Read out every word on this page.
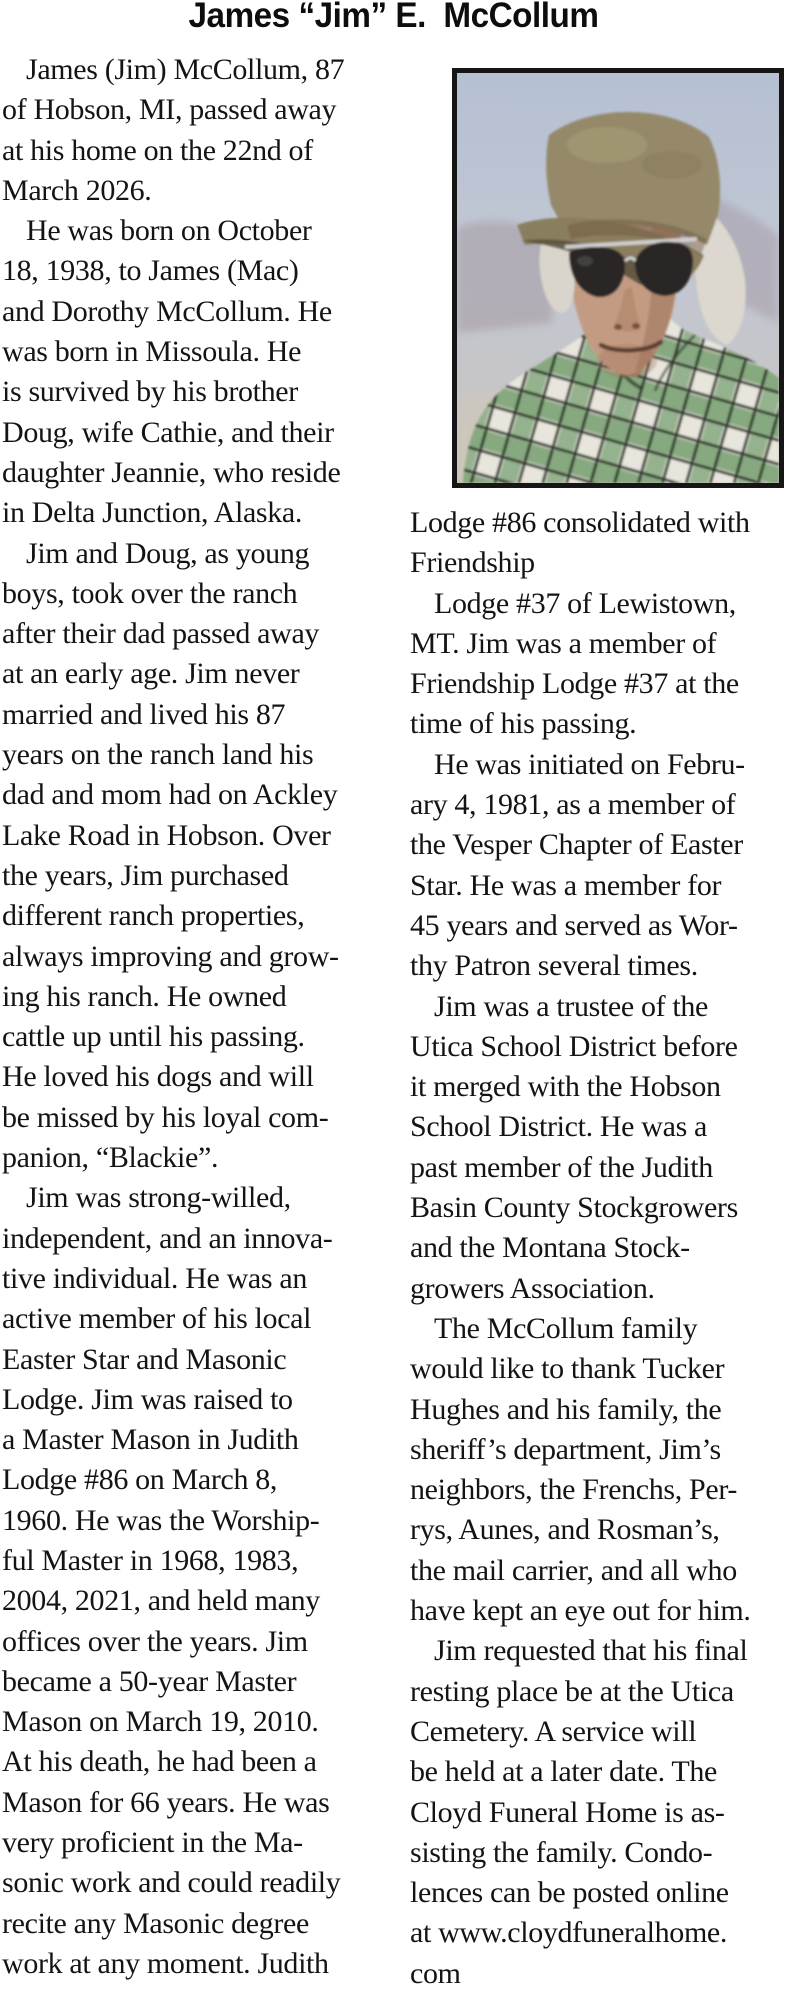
James “Jim” E.  McCollum

James (Jim) McCollum, 87
of Hobson, MI, passed away
at his home on the 22nd of
March 2026.

He was born on October
18, 1938, to James (Mac)
and Dorothy McCollum. He
was born in Missoula. He
is survived by his brother
Doug, wife Cathie, and their
daughter Jeannie, who reside
in Delta Junction, Alaska.

Jim and Doug, as young
boys, took over the ranch
after their dad passed away
at an early age. Jim never
married and lived his 87
years on the ranch land his
dad and mom had on Ackley
Lake Road in Hobson. Over
the years, Jim purchased
different ranch properties,
always improving and grow-
ing his ranch. He owned
cattle up until his passing.
He loved his dogs and will
be missed by his loyal com-
panion, “Blackie”.

Jim was strong-willed,
independent, and an innova-
tive individual. He was an
active member of his local
Easter Star and Masonic
Lodge. Jim was raised to
a Master Mason in Judith
Lodge #86 on March 8,
1960. He was the Worship-
ful Master in 1968, 1983,
2004, 2021, and held many
offices over the years. Jim
became a 50-year Master
Mason on March 19, 2010.
At his death, he had been a
Mason for 66 years. He was
very proficient in the Ma-
sonic work and could readily
recite any Masonic degree
work at any moment. Judith

Lodge #86 consolidated with
Friendship

Lodge #37 of Lewistown,
MT. Jim was a member of
Friendship Lodge #37 at the
time of his passing.

He was initiated on Febru-
ary 4, 1981, as a member of
the Vesper Chapter of Easter
Star. He was a member for
45 years and served as Wor-
thy Patron several times.

Jim was a trustee of the
Utica School District before
it merged with the Hobson
School District. He was a
past member of the Judith
Basin County Stockgrowers
and the Montana Stock-
growers Association.

The McCollum family
would like to thank Tucker
Hughes and his family, the
sheriff’s department, Jim’s
neighbors, the Frenchs, Per-
rys, Aunes, and Rosman’s,
the mail carrier, and all who
have kept an eye out for him.

Jim requested that his final
resting place be at the Utica
Cemetery. A service will
be held at a later date. The
Cloyd Funeral Home is as-
sisting the family. Condo-
lences can be posted online
at www.cloydfuneralhome.
com
